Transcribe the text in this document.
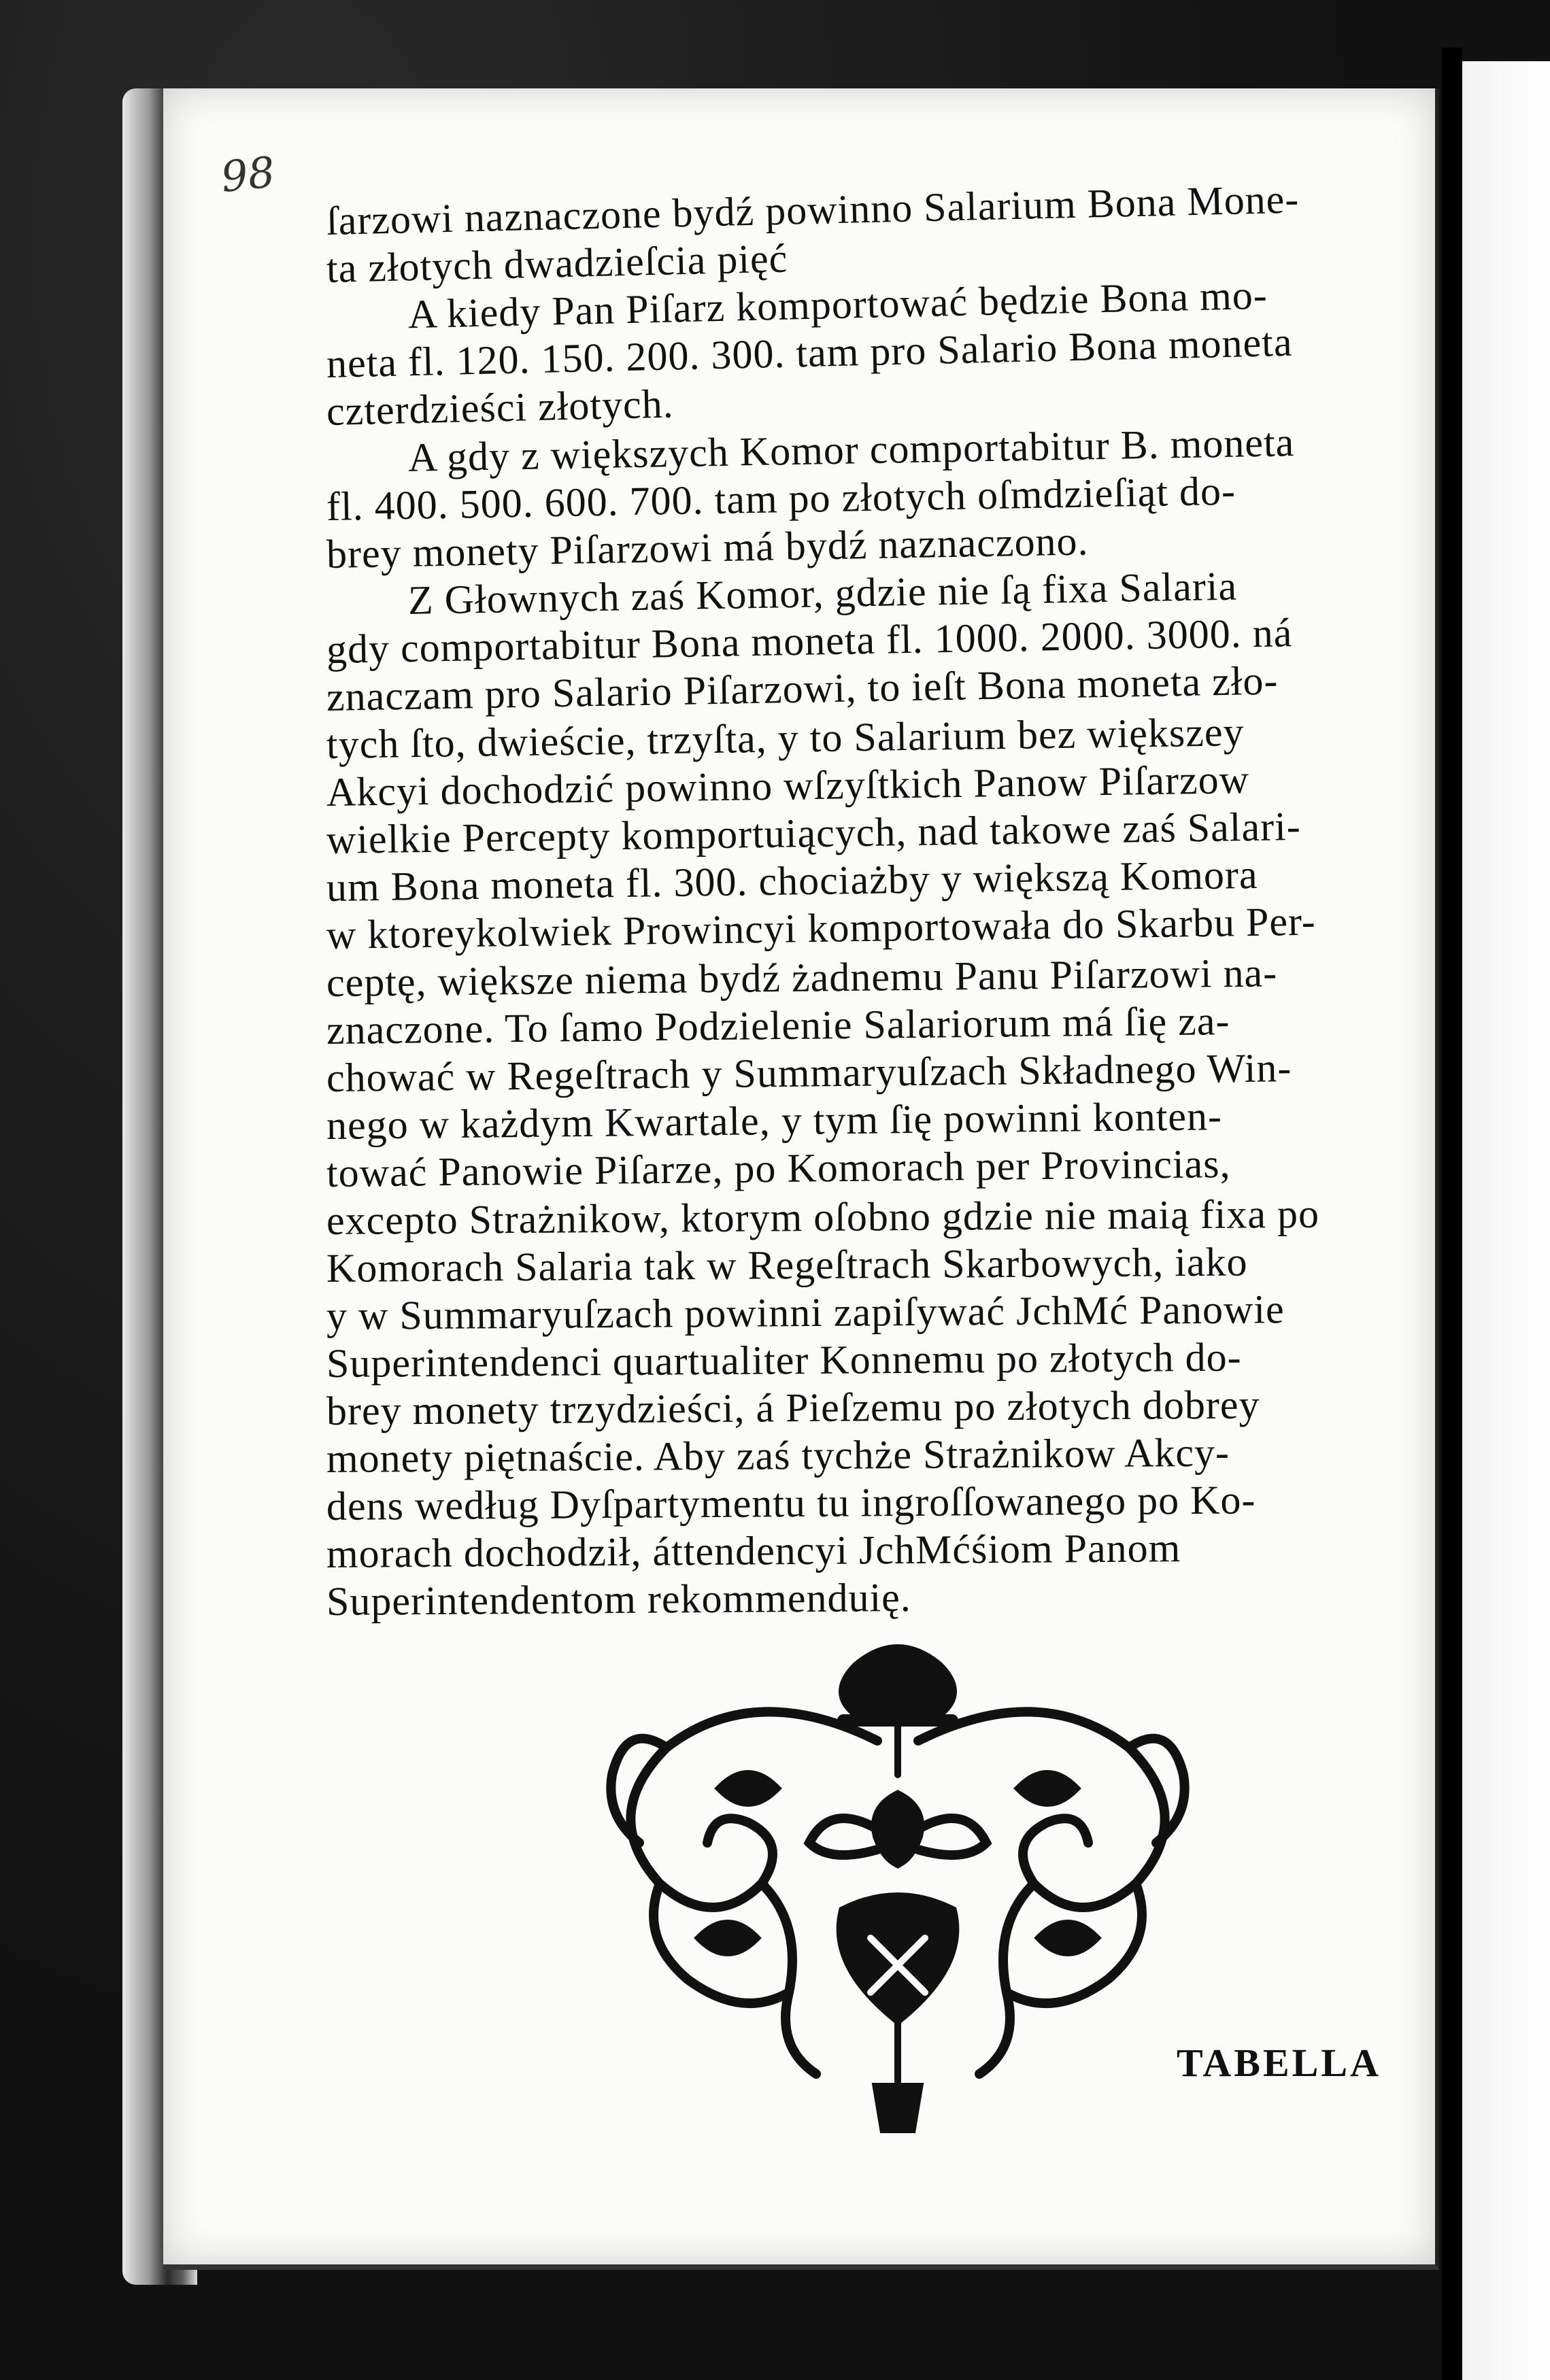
98
ſarzowi naznaczone bydź powinno Salarium Bona Mone-
ta złotych dwadzieſcia pięć
A kiedy Pan Piſarz komportować będzie Bona mo-
neta fl. 120. 150. 200. 300. tam pro Salario Bona moneta
czterdzieści złotych.
A gdy z większych Komor comportabitur B. moneta
fl. 400. 500. 600. 700. tam po złotych oſmdzieſiąt do-
brey monety Piſarzowi má bydź naznaczono.
Z Głownych zaś Komor, gdzie nie ſą fixa Salaria
gdy comportabitur Bona moneta fl. 1000. 2000. 3000. ná
znaczam pro Salario Piſarzowi, to ieſt Bona moneta zło-
tych ſto, dwieście, trzyſta, y to Salarium bez większey
Akcyi dochodzić powinno wſzyſtkich Panow Piſarzow
wielkie Percepty komportuiących, nad takowe zaś Salari-
um Bona moneta fl. 300. chociażby y większą Komora
w ktoreykolwiek Prowincyi komportowała do Skarbu Per-
ceptę, większe niema bydź żadnemu Panu Piſarzowi na-
znaczone. To ſamo Podzielenie Salariorum má ſię za-
chować w Regeſtrach y Summaryuſzach Składnego Win-
nego w każdym Kwartale, y tym ſię powinni konten-
tować Panowie Piſarze, po Komorach per Provincias,
excepto Strażnikow, ktorym oſobno gdzie nie maią fixa po
Komorach Salaria tak w Regeſtrach Skarbowych, iako
y w Summaryuſzach powinni zapiſywać JchMć Panowie
Superintendenci quartualiter Konnemu po złotych do-
brey monety trzydzieści, á Pieſzemu po złotych dobrey
monety piętnaście. Aby zaś tychże Strażnikow Akcy-
dens według Dyſpartymentu tu ingroſſowanego po Ko-
morach dochodził, áttendencyi JchMćśiom Panom
Superintendentom rekommenduię.
TABELLA
